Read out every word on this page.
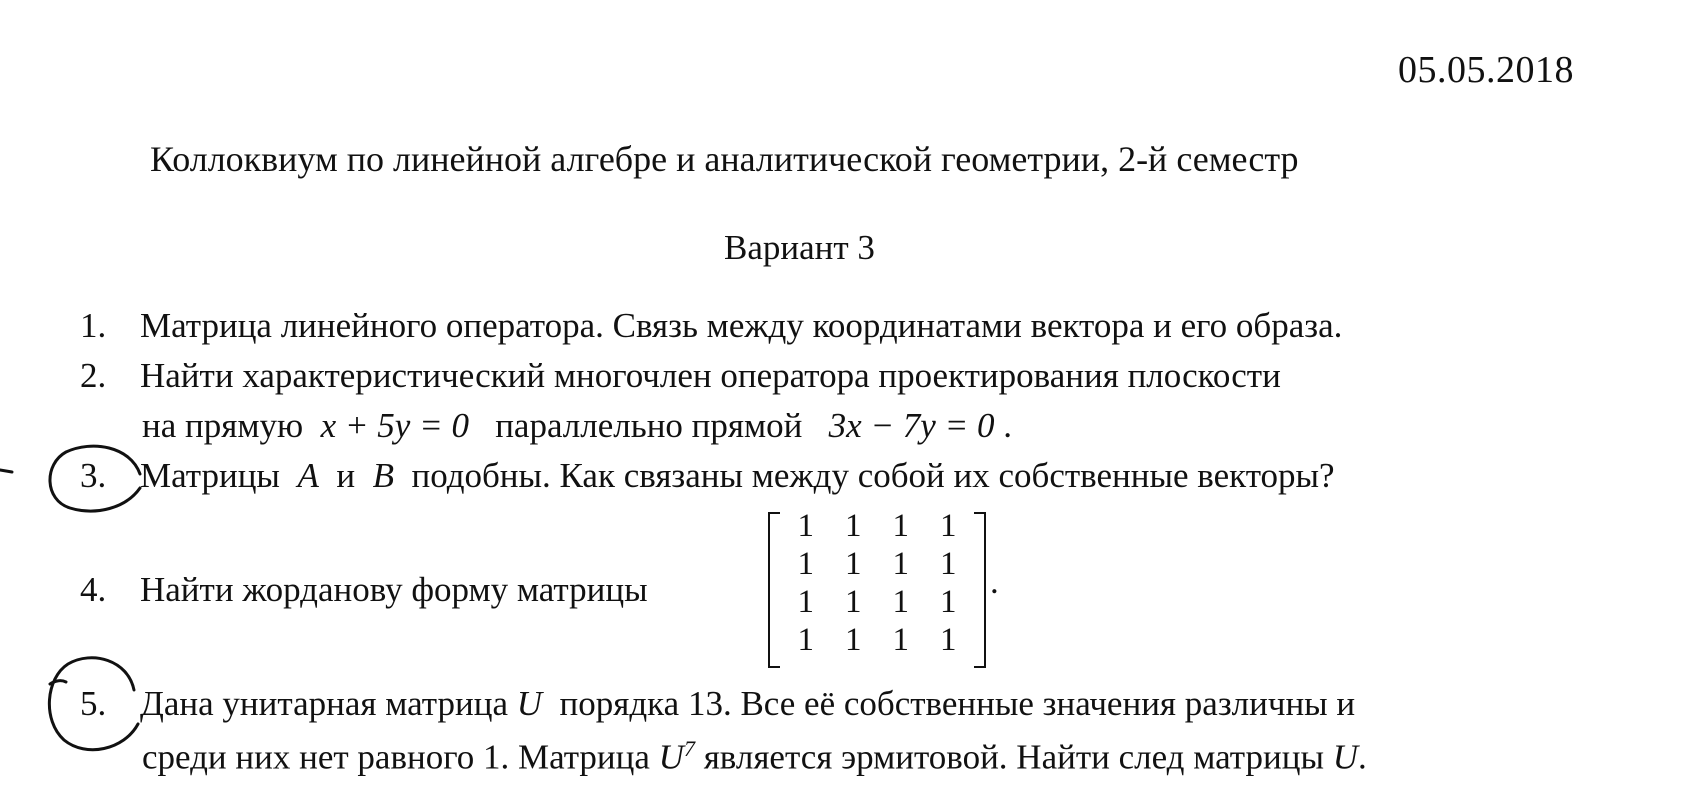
05.05.2018
Коллоквиум по линейной алгебре и аналитической геометрии, 2-й семестр
Вариант 3
1. Матрица линейного оператора. Связь между координатами вектора и его образа.
2. Найти характеристический многочлен оператора проектирования плоскости
на прямую x + 5y = 0 параллельно прямой 3x − 7y = 0 .
3. Матрицы A и B подобны. Как связаны между собой их собственные векторы?
4. Найти жорданову форму матрицы
1 1 1 1
1 1 1 1
1 1 1 1
1 1 1 1
.
5. Дана унитарная матрица U порядка 13. Все её собственные значения различны и
среди них нет равного 1. Матрица $U^7$ является эрмитовой. Найти след матрицы U.
